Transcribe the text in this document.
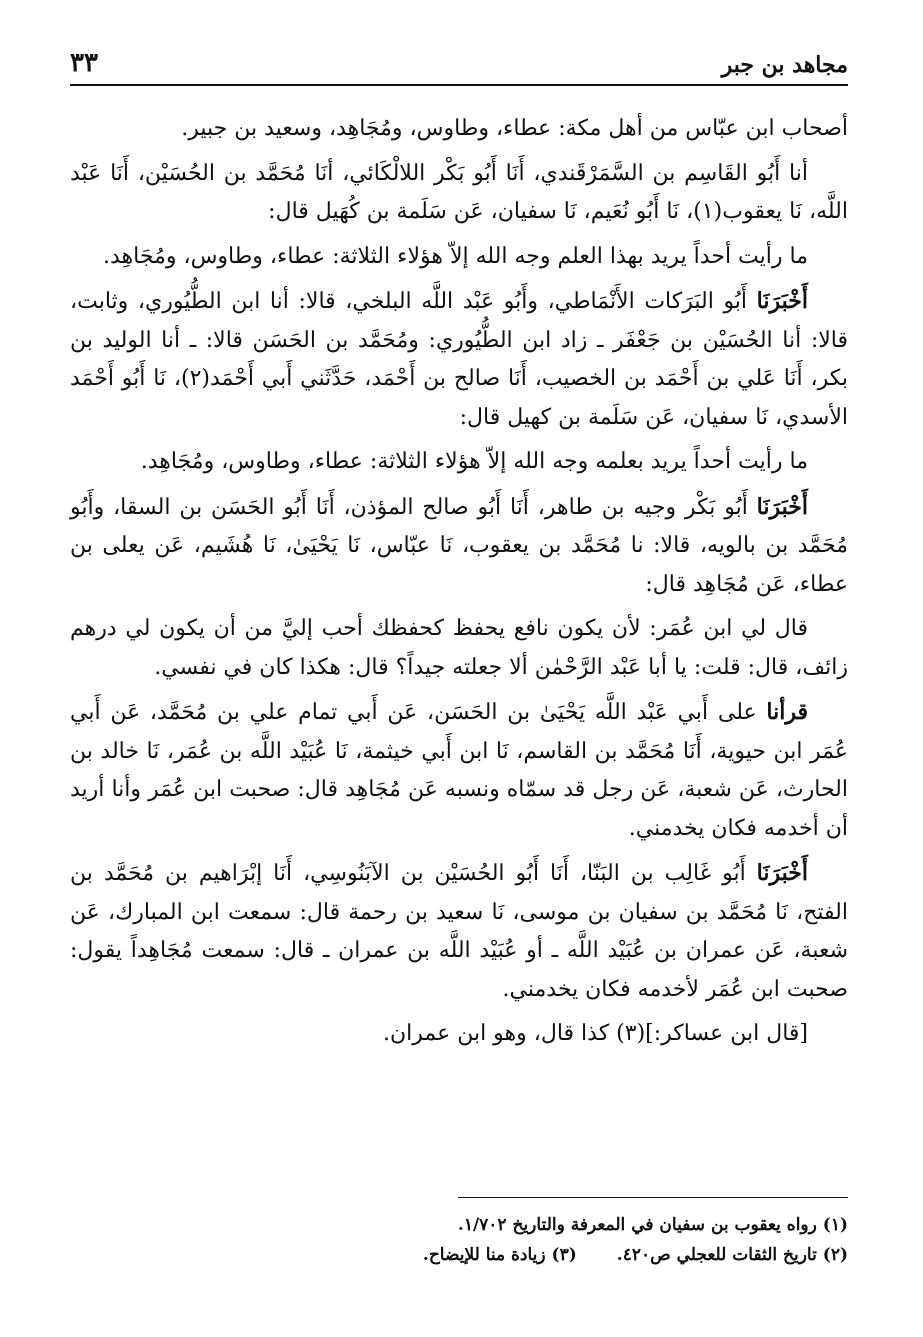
مجاهد بن جبر
٣٣

أصحاب ابن عبّاس من أهل مكة: عطاء، وطاوس، ومُجَاهِد، وسعيد بن جبير.

أنا أَبُو القَاسِم بن السَّمَرْقَندي، أَنَا أَبُو بَكْر اللالْكَائي، أنَا مُحَمَّد بن الحُسَيْن، أَنَا عَبْد اللَّه، نَا يعقوب(١)، نَا أَبُو نُعَيم، نَا سفيان، عَن سَلَمة بن كُهَيل قال:

ما رأيت أحداً يريد بهذا العلم وجه الله إلاّ هؤلاء الثلاثة: عطاء، وطاوس، ومُجَاهِد.

أَخْبَرَنَا أَبُو البَرَكات الأَنْمَاطي، وأَبُو عَبْد اللَّه البلخي، قالا: أنا ابن الطُّيُوري، وثابت، قالا: أنا الحُسَيْن بن جَعْفَر ـ زاد ابن الطُّيُوري: ومُحَمَّد بن الحَسَن قالا: ـ أنا الوليد بن بكر، أَنَا عَلي بن أَحْمَد بن الخصيب، أَنَا صالح بن أَحْمَد، حَدَّثَني أَبي أَحْمَد(٢)، نَا أَبُو أَحْمَد الأسدي، نَا سفيان، عَن سَلَمة بن كهيل قال:

ما رأيت أحداً يريد بعلمه وجه الله إلاّ هؤلاء الثلاثة: عطاء، وطاوس، ومُجَاهِد.

أَخْبَرَنَا أَبُو بَكْر وجيه بن طاهر، أَنَا أَبُو صالح المؤذن، أَنَا أَبُو الحَسَن بن السقا، وأَبُو مُحَمَّد بن بالويه، قالا: نا مُحَمَّد بن يعقوب، نَا عبّاس، نَا يَحْيَىٰ، نَا هُشَيم، عَن يعلى بن عطاء، عَن مُجَاهِد قال:

قال لي ابن عُمَر: لأن يكون نافع يحفظ كحفظك أحب إليَّ من أن يكون لي درهم زائف، قال: قلت: يا أبا عَبْد الرَّحْمٰن ألا جعلته جيداً؟ قال: هكذا كان في نفسي.

قرأنا على أَبي عَبْد اللَّه يَحْيَىٰ بن الحَسَن، عَن أَبي تمام علي بن مُحَمَّد، عَن أَبي عُمَر ابن حيوية، أَنَا مُحَمَّد بن القاسم، نَا ابن أَبي خيثمة، نَا عُبَيْد اللَّه بن عُمَر، نَا خالد بن الحارث، عَن شعبة، عَن رجل قد سمّاه ونسبه عَن مُجَاهِد قال: صحبت ابن عُمَر وأنا أريد أن أخدمه فكان يخدمني.

أَخْبَرَنَا أَبُو غَالِب بن البَنّا، أَنَا أَبُو الحُسَيْن بن الآبَنُوسِي، أَنَا إبْرَاهيم بن مُحَمَّد بن الفتح، نَا مُحَمَّد بن سفيان بن موسى، نَا سعيد بن رحمة قال: سمعت ابن المبارك، عَن شعبة، عَن عمران بن عُبَيْد اللَّه ـ أو عُبَيْد اللَّه بن عمران ـ قال: سمعت مُجَاهِداً يقول: صحبت ابن عُمَر لأخدمه فكان يخدمني.

[قال ابن عساكر:](٣) كذا قال، وهو ابن عمران.

(١) رواه يعقوب بن سفيان في المعرفة والتاريخ ١/٧٠٢.
(٢) تاريخ الثقات للعجلي ص٤٢٠.
(٣) زيادة منا للإيضاح.
